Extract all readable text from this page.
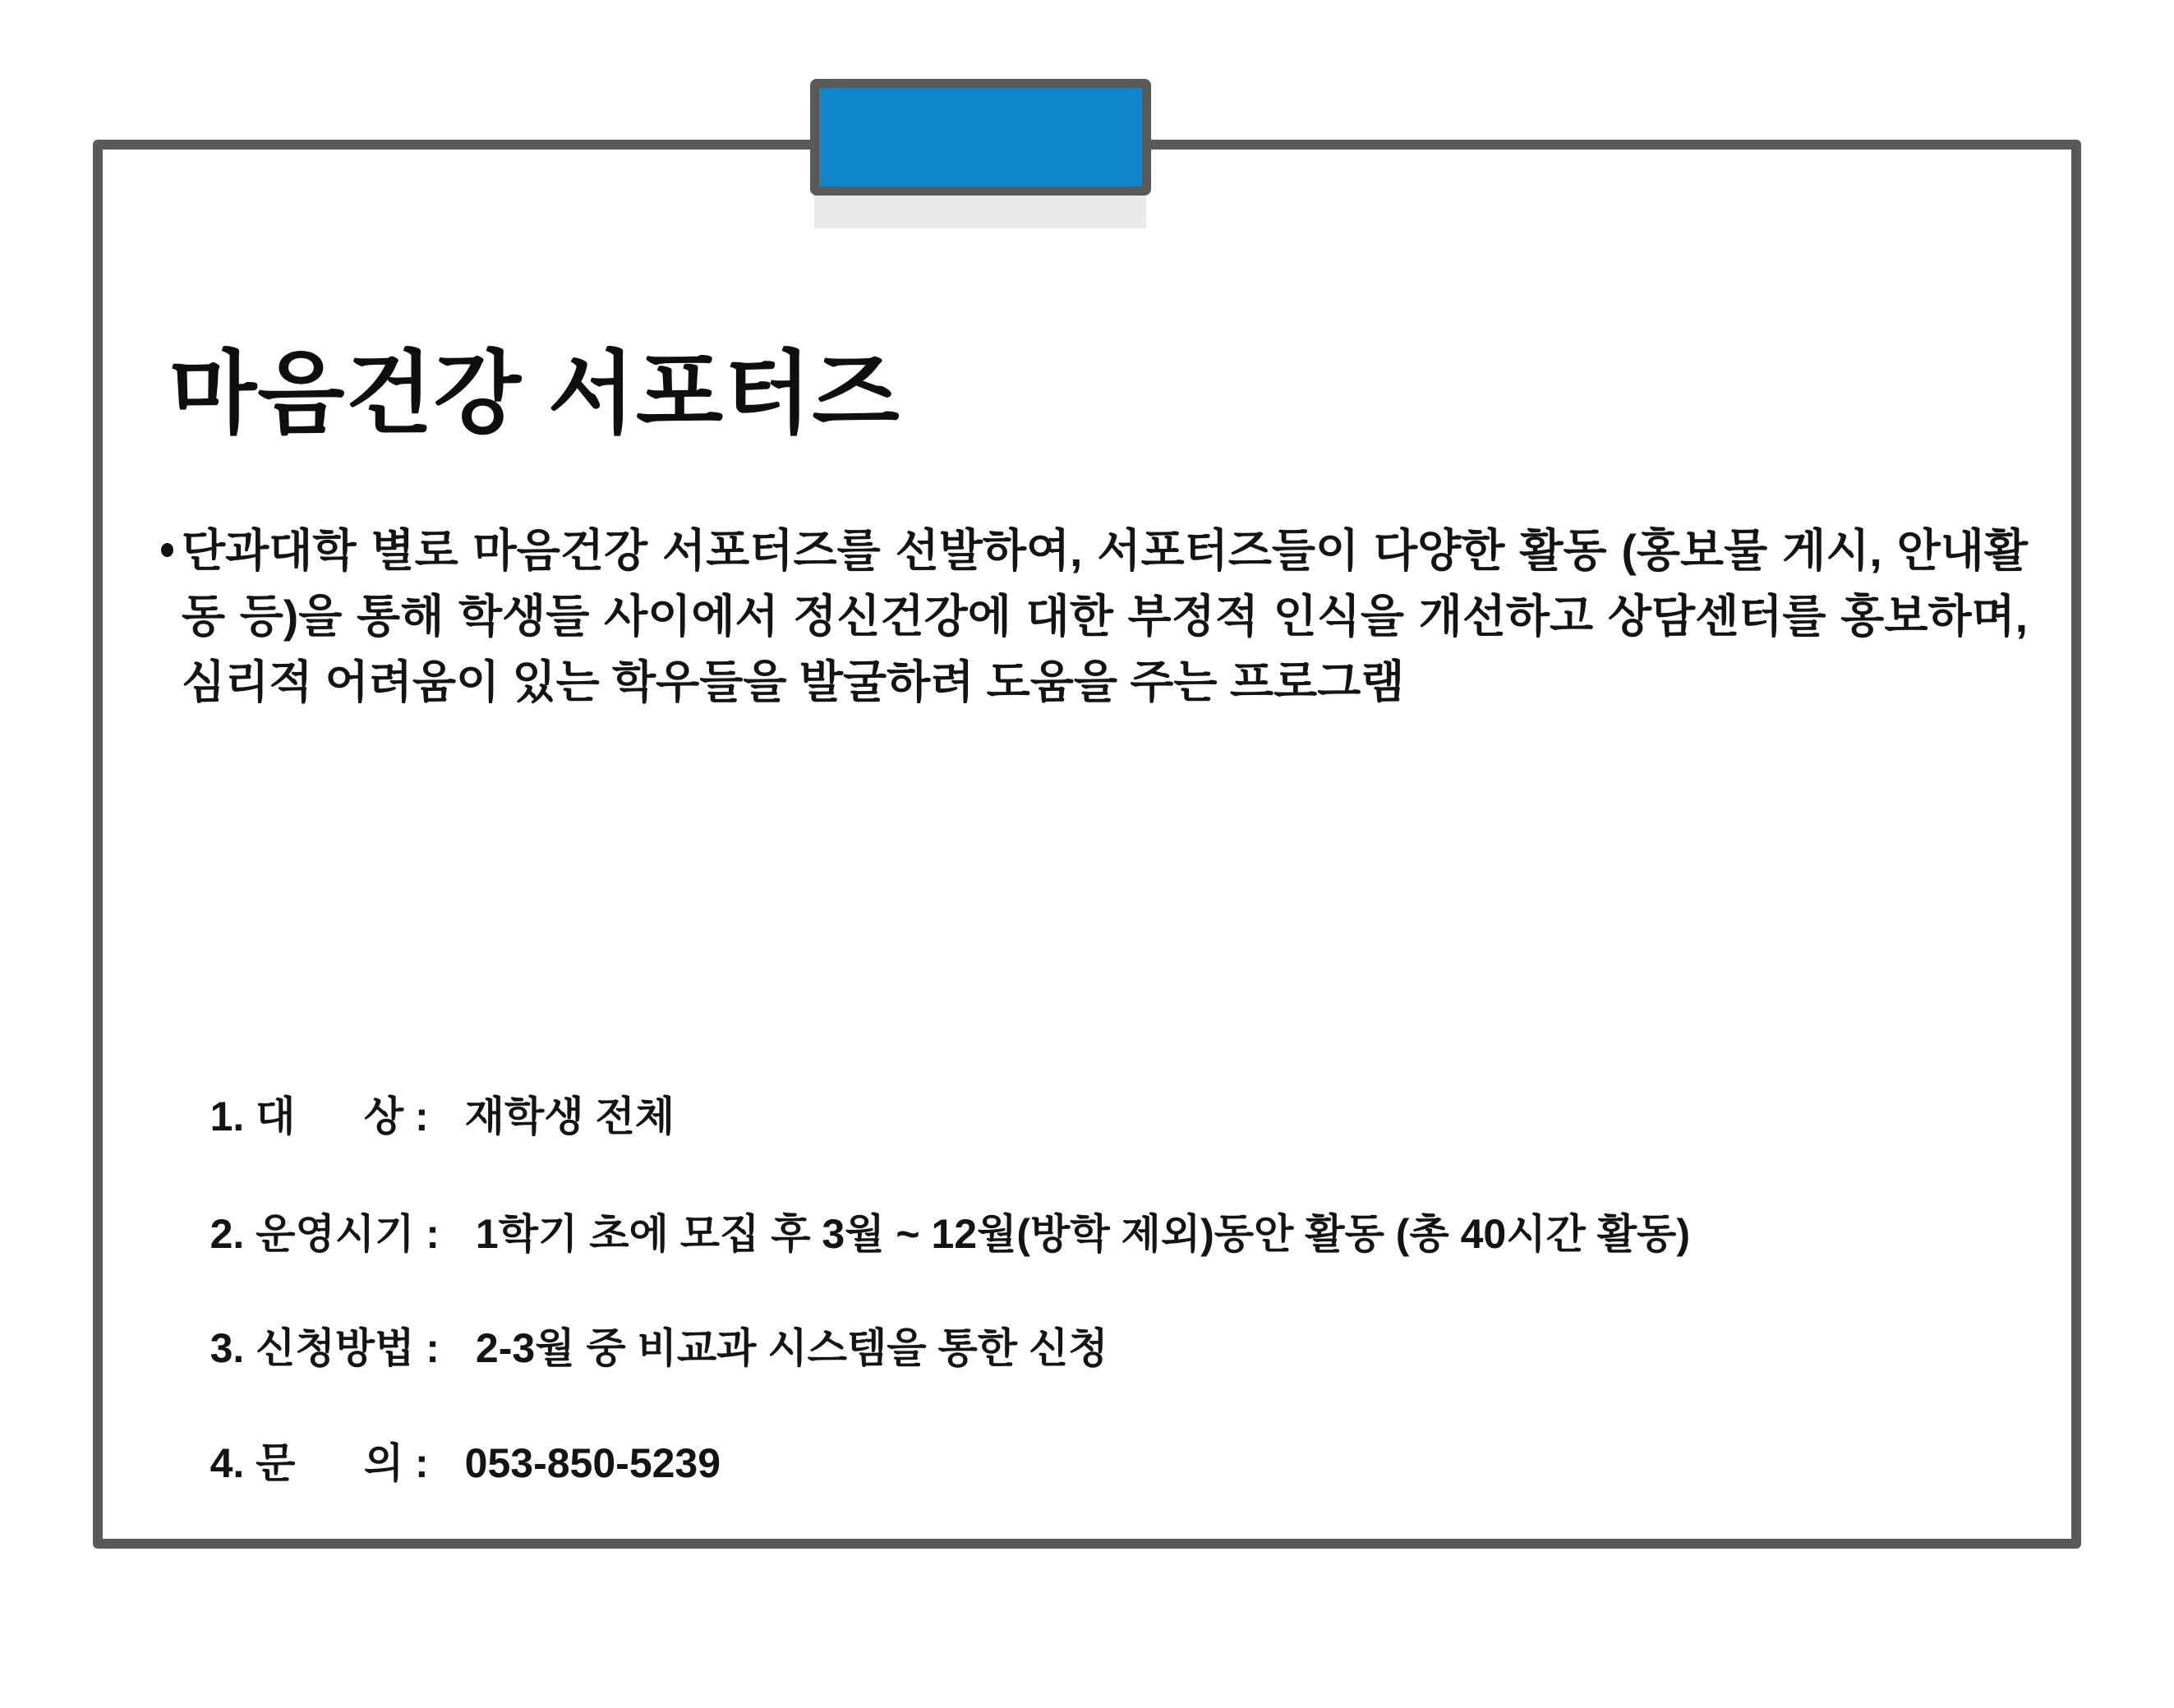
마음건강 서포터즈
단과대학 별로 마음건강 서포터즈를 선발하여, 서포터즈들이 다양한 활동 (홍보물 게시, 안내활
동 등)을 통해 학생들 사이에서 정신건강에 대한 부정적 인식을 개선하고 상담센터를 홍보하며,
심리적 어려움이 있는 학우들을 발굴하려 도움을 주는 프로그램

1. 대      상 : 재학생 전체

2. 운영시기 : 1학기 초에 모집 후 3월 ~ 12월(방학 제외)동안 활동 (총 40시간 활동)

3. 신청방법 : 2-3월 중 비교과 시스템을 통한 신청

4. 문      의 : 053-850-5239
